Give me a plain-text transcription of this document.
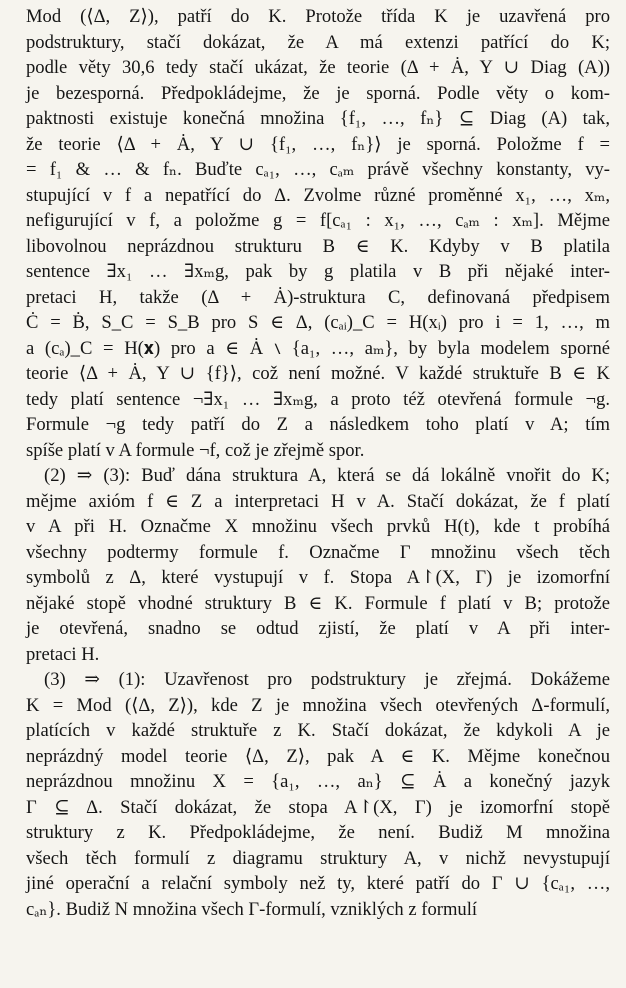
Mod (⟨Δ, Z⟩), patří do K. Protože třída K je uzavřená pro
podstruktury, stačí dokázat, že A má extenzi patřící do K;
podle věty 30,6 tedy stačí ukázat, že teorie (Δ + Ȧ, Y ∪ Diag (A))
je bezesporná. Předpokládejme, že je sporná. Podle věty o kom-
paktnosti existuje konečná množina {f₁, …, fₙ} ⊆ Diag (A) tak,
že teorie ⟨Δ + Ȧ, Y ∪ {f₁, …, fₙ}⟩ je sporná. Položme f =
= f₁ & … & fₙ. Buďte cₐ₁, …, cₐₘ právě všechny konstanty, vy-
stupující v f a nepatřící do Δ. Zvolme různé proměnné x₁, …, xₘ,
nefigurující v f, a položme g = f[cₐ₁ : x₁, …, cₐₘ : xₘ]. Mějme
libovolnou neprázdnou strukturu B ∈ K. Kdyby v B platila
sentence ∃x₁ … ∃xₘg, pak by g platila v B při nějaké inter-
pretaci H, takže (Δ + Ȧ)-struktura C, definovaná předpisem
Ċ = Ḃ, S_C = S_B pro S ∈ Δ, (cₐᵢ)_C = H(xᵢ) pro i = 1, …, m
a (cₐ)_C = H(𝐱) pro a ∈ Ȧ ∖ {a₁, …, aₘ}, by byla modelem sporné
teorie ⟨Δ + Ȧ, Y ∪ {f}⟩, což není možné. V každé struktuře B ∈ K
tedy platí sentence ¬∃x₁ … ∃xₘg, a proto též otevřená formule ¬g.
Formule ¬g tedy patří do Z a následkem toho platí v A; tím
spíše platí v A formule ¬f, což je zřejmě spor.

(2) ⇒ (3): Buď dána struktura A, která se dá lokálně vnořit do K;
mějme axióm f ∈ Z a interpretaci H v A. Stačí dokázat, že f platí
v A při H. Označme X množinu všech prvků H(t), kde t probíhá
všechny podtermy formule f. Označme Γ množinu všech těch
symbolů z Δ, které vystupují v f. Stopa A↾(X, Γ) je izomorfní
nějaké stopě vhodné struktury B ∈ K. Formule f platí v B; protože
je otevřená, snadno se odtud zjistí, že platí v A při inter-
pretaci H.

(3) ⇒ (1): Uzavřenost pro podstruktury je zřejmá. Dokážeme
K = Mod (⟨Δ, Z⟩), kde Z je množina všech otevřených Δ-formulí,
platících v každé struktuře z K. Stačí dokázat, že kdykoli A je
neprázdný model teorie ⟨Δ, Z⟩, pak A ∈ K. Mějme konečnou
neprázdnou množinu X = {a₁, …, aₙ} ⊆ Ȧ a konečný jazyk
Γ ⊆ Δ. Stačí dokázat, že stopa A↾(X, Γ) je izomorfní stopě
struktury z K. Předpokládejme, že není. Budiž M množina
všech těch formulí z diagramu struktury A, v nichž nevystupují
jiné operační a relační symboly než ty, které patří do Γ ∪ {cₐ₁, …,
cₐₙ}. Budiž N množina všech Γ-formulí, vzniklých z formulí
